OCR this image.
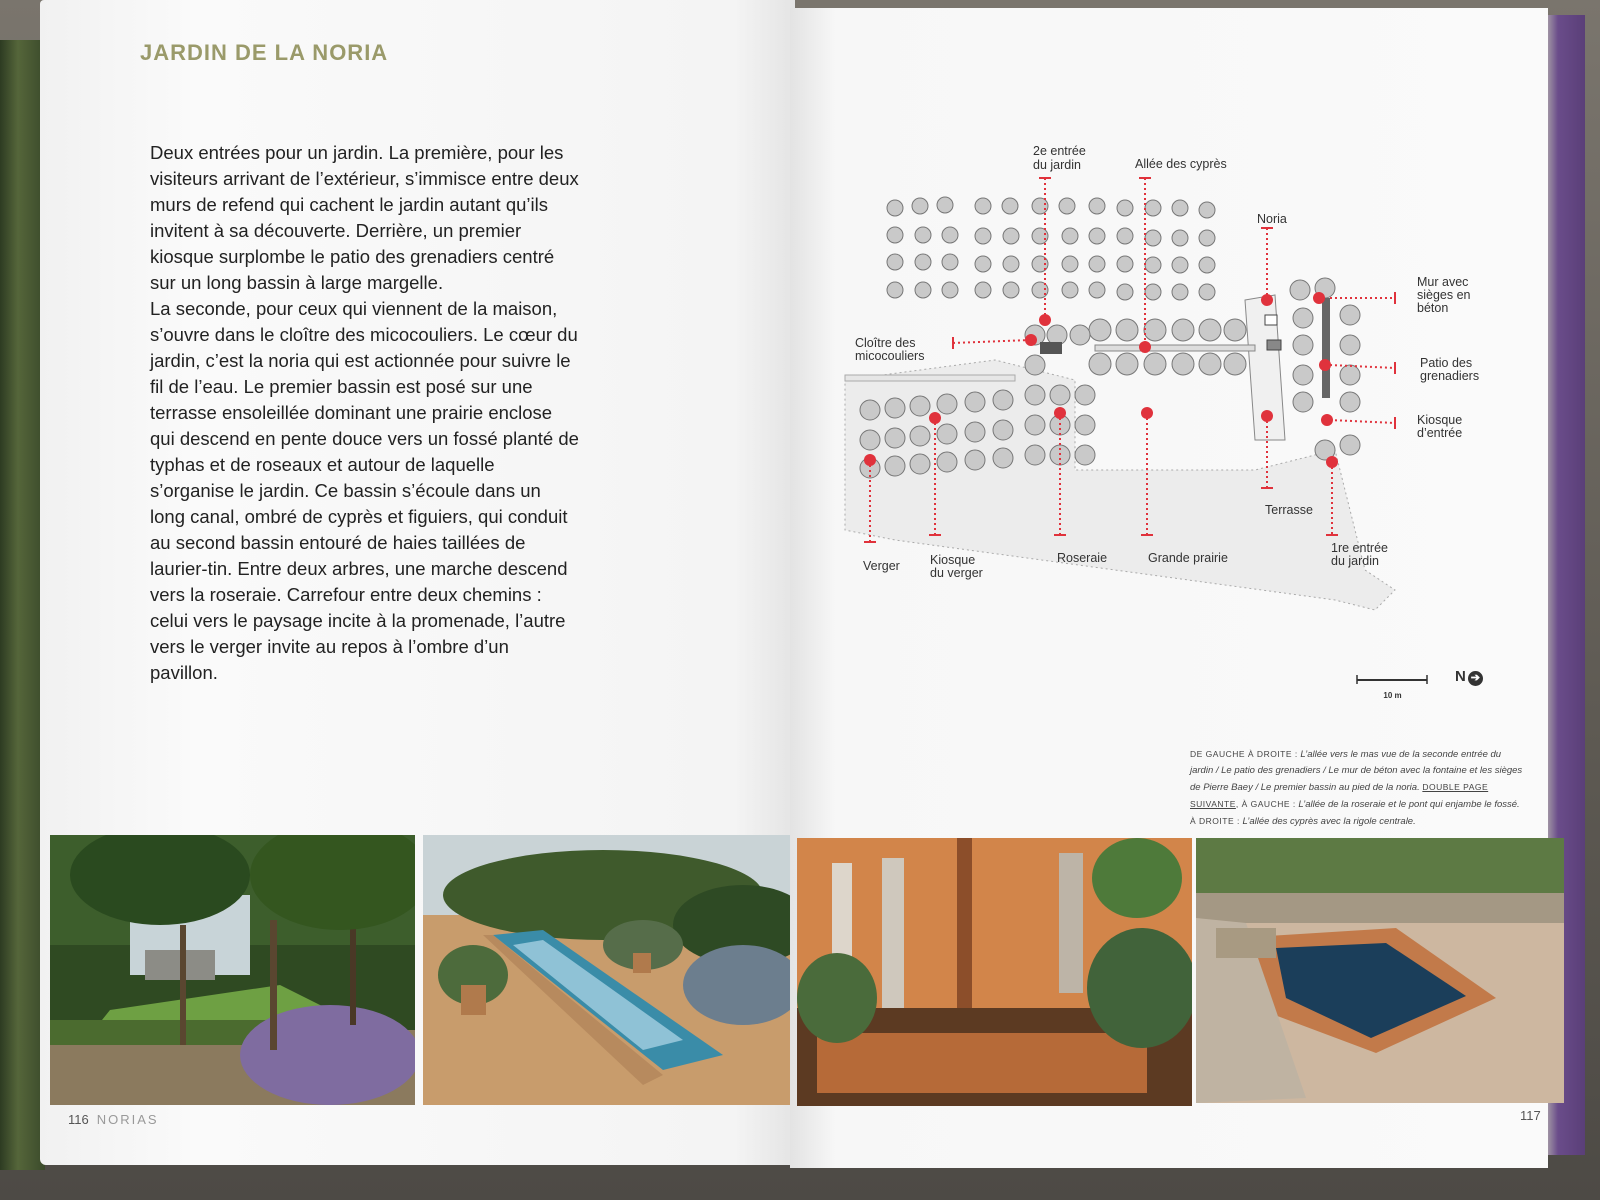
JARDIN DE LA NORIA

Deux entrées pour un jardin. La première, pour les visiteurs arrivant de l’extérieur, s’immisce entre deux murs de refend qui cachent le jardin autant qu’ils invitent à sa découverte. Derrière, un premier kiosque surplombe le patio des grenadiers centré sur un long bassin à large margelle.

La seconde, pour ceux qui viennent de la maison, s’ouvre dans le cloître des micocouliers. Le cœur du jardin, c’est la noria qui est actionnée pour suivre le fil de l’eau. Le premier bassin est posé sur une terrasse ensoleillée dominant une prairie enclose qui descend en pente douce vers un fossé planté de typhas et de roseaux et autour de laquelle s’organise le jardin. Ce bassin s’écoule dans un long canal, ombré de cyprès et figuiers, qui conduit au second bassin entouré de haies taillées de laurier-tin. Entre deux arbres, une marche descend vers la roseraie. Carrefour entre deux chemins : celui vers le paysage incite à la promenade, l’autre vers le verger invite au repos à l’ombre d’un pavillon.

116 NORIAS
2e entrée
du jardin	Allée des cyprès
Noria
Mur avec
sièges en
béton
Cloître des
micocouliers	Patio des
grenadiers
Kiosque
d’entrée
Terrasse
1re entrée
du jardin
Verger Kiosque
du verger
Roseraie	Grande prairie
10 m
N ➔
DE GAUCHE À DROITE : L’allée vers le mas vue de la seconde entrée du jardin / Le patio des grenadiers / Le mur de béton avec la fontaine et les sièges de Pierre Baey / Le premier bassin au pied de la noria. DOUBLE PAGE SUIVANTE, À GAUCHE : L’allée de la roseraie et le pont qui enjambe le fossé. À DROITE : L’allée des cyprès avec la rigole centrale.
117
